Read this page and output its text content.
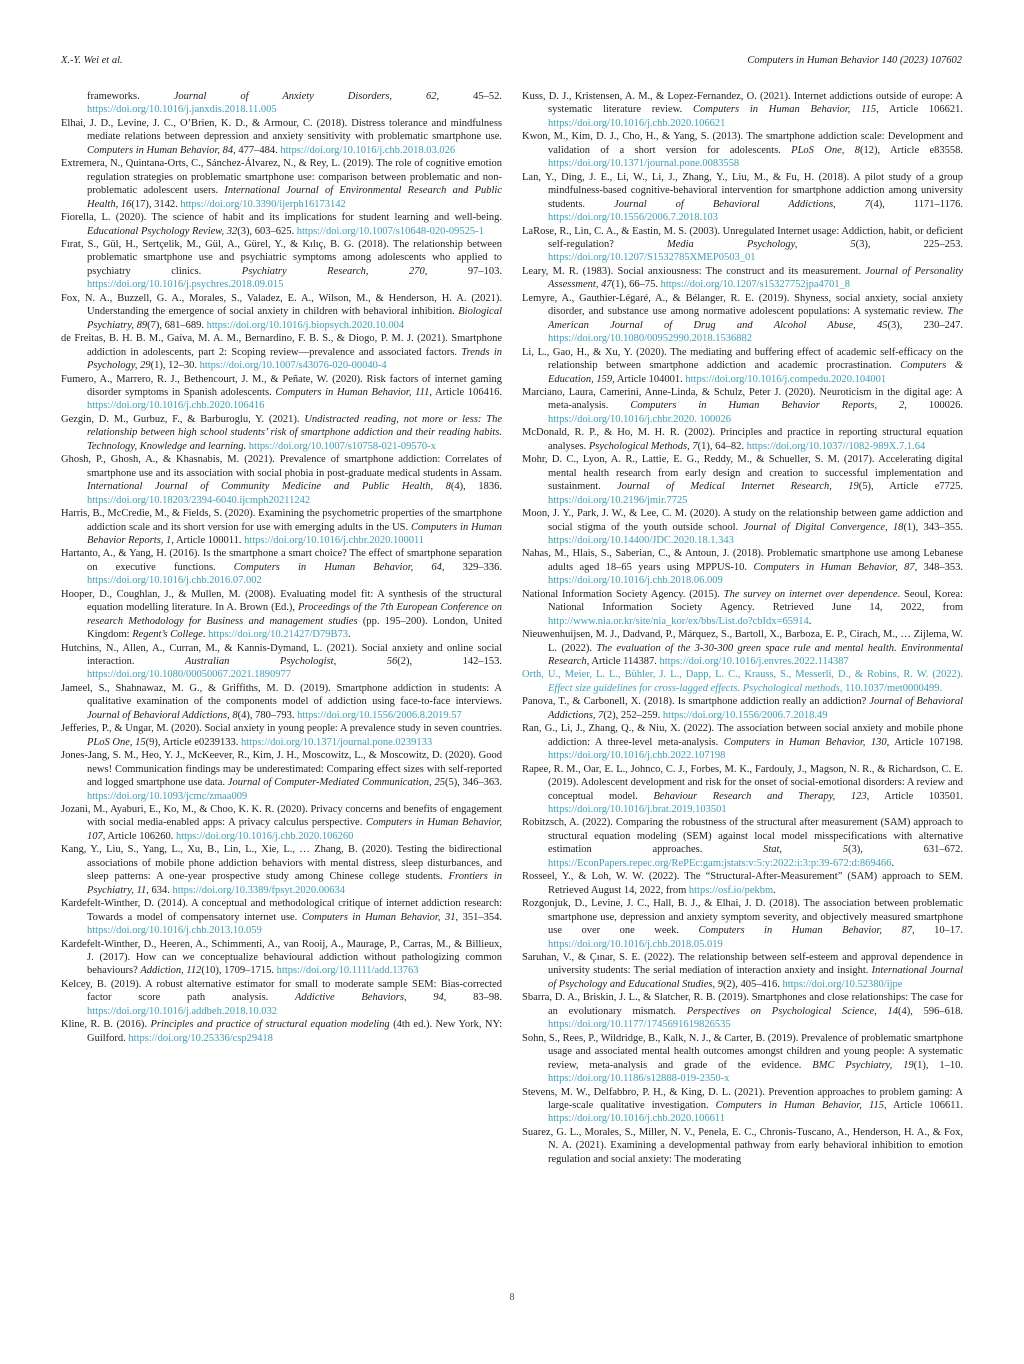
X.-Y. Wei et al.	Computers in Human Behavior 140 (2023) 107602
frameworks. Journal of Anxiety Disorders, 62, 45–52. https://doi.org/10.1016/j.janxdis.2018.11.005
Elhai, J. D., Levine, J. C., O’Brien, K. D., & Armour, C. (2018). Distress tolerance and mindfulness mediate relations between depression and anxiety sensitivity with problematic smartphone use. Computers in Human Behavior, 84, 477–484. https://doi.org/10.1016/j.chb.2018.03.026
Extremera, N., Quintana-Orts, C., Sánchez-Álvarez, N., & Rey, L. (2019). The role of cognitive emotion regulation strategies on problematic smartphone use: comparison between problematic and non-problematic adolescent users. International Journal of Environmental Research and Public Health, 16(17), 3142. https://doi.org/10.3390/ijerph16173142
Fiorella, L. (2020). The science of habit and its implications for student learning and well-being. Educational Psychology Review, 32(3), 603–625. https://doi.org/10.1007/s10648-020-09525-1
Fırat, S., Gül, H., Sertçelik, M., Gül, A., Gürel, Y., & Kılıç, B. G. (2018). The relationship between problematic smartphone use and psychiatric symptoms among adolescents who applied to psychiatry clinics. Psychiatry Research, 270, 97–103. https://doi.org/10.1016/j.psychres.2018.09.015
Fox, N. A., Buzzell, G. A., Morales, S., Valadez, E. A., Wilson, M., & Henderson, H. A. (2021). Understanding the emergence of social anxiety in children with behavioral inhibition. Biological Psychiatry, 89(7), 681–689. https://doi.org/10.1016/j.biopsych.2020.10.004
de Freitas, B. H. B. M., Gaíva, M. A. M., Bernardino, F. B. S., & Diogo, P. M. J. (2021). Smartphone addiction in adolescents, part 2: Scoping review—prevalence and associated factors. Trends in Psychology, 29(1), 12–30. https://doi.org/10.1007/s43076-020-00040-4
Fumero, A., Marrero, R. J., Bethencourt, J. M., & Peñate, W. (2020). Risk factors of internet gaming disorder symptoms in Spanish adolescents. Computers in Human Behavior, 111, Article 106416. https://doi.org/10.1016/j.chb.2020.106416
Gezgin, D. M., Gurbuz, F., & Barburoglu, Y. (2021). Undistracted reading, not more or less: The relationship between high school students’ risk of smartphone addiction and their reading habits. Technology, Knowledge and learning. https://doi.org/10.1007/s10758-021-09570-x
Ghosh, P., Ghosh, A., & Khasnabis, M. (2021). Prevalence of smartphone addiction: Correlates of smartphone use and its association with social phobia in post-graduate medical students in Assam. International Journal of Community Medicine and Public Health, 8(4), 1836. https://doi.org/10.18203/2394-6040.ijcmph20211242
Harris, B., McCredie, M., & Fields, S. (2020). Examining the psychometric properties of the smartphone addiction scale and its short version for use with emerging adults in the US. Computers in Human Behavior Reports, 1, Article 100011. https://doi.org/10.1016/j.chbr.2020.100011
Hartanto, A., & Yang, H. (2016). Is the smartphone a smart choice? The effect of smartphone separation on executive functions. Computers in Human Behavior, 64, 329–336. https://doi.org/10.1016/j.chb.2016.07.002
Hooper, D., Coughlan, J., & Mullen, M. (2008). Evaluating model fit: A synthesis of the structural equation modelling literature. In A. Brown (Ed.), Proceedings of the 7th European Conference on research Methodology for Business and management studies (pp. 195–200). London, United Kingdom: Regent’s College. https://doi.org/10.21427/D79B73.
Hutchins, N., Allen, A., Curran, M., & Kannis-Dymand, L. (2021). Social anxiety and online social interaction. Australian Psychologist, 56(2), 142–153. https://doi.org/10.1080/00050067.2021.1890977
Jameel, S., Shahnawaz, M. G., & Griffiths, M. D. (2019). Smartphone addiction in students: A qualitative examination of the components model of addiction using face-to-face interviews. Journal of Behavioral Addictions, 8(4), 780–793. https://doi.org/10.1556/2006.8.2019.57
Jefferies, P., & Ungar, M. (2020). Social anxiety in young people: A prevalence study in seven countries. PLoS One, 15(9), Article e0239133. https://doi.org/10.1371/journal.pone.0239133
Jones-Jang, S. M., Heo, Y. J., McKeever, R., Kim, J. H., Moscowitz, L., & Moscowitz, D. (2020). Good news! Communication findings may be underestimated: Comparing effect sizes with self-reported and logged smartphone use data. Journal of Computer-Mediated Communication, 25(5), 346–363. https://doi.org/10.1093/jcmc/zmaa009
Jozani, M., Ayaburi, E., Ko, M., & Choo, K. K. R. (2020). Privacy concerns and benefits of engagement with social media-enabled apps: A privacy calculus perspective. Computers in Human Behavior, 107, Article 106260. https://doi.org/10.1016/j.chb.2020.106260
Kang, Y., Liu, S., Yang, L., Xu, B., Lin, L., Xie, L., … Zhang, B. (2020). Testing the bidirectional associations of mobile phone addiction behaviors with mental distress, sleep disturbances, and sleep patterns: A one-year prospective study among Chinese college students. Frontiers in Psychiatry, 11, 634. https://doi.org/10.3389/fpsyt.2020.00634
Kardefelt-Winther, D. (2014). A conceptual and methodological critique of internet addiction research: Towards a model of compensatory internet use. Computers in Human Behavior, 31, 351–354. https://doi.org/10.1016/j.chb.2013.10.059
Kardefelt-Winther, D., Heeren, A., Schimmenti, A., van Rooij, A., Maurage, P., Carras, M., & Billieux, J. (2017). How can we conceptualize behavioural addiction without pathologizing common behaviours? Addiction, 112(10), 1709–1715. https://doi.org/10.1111/add.13763
Kelcey, B. (2019). A robust alternative estimator for small to moderate sample SEM: Bias-corrected factor score path analysis. Addictive Behaviors, 94, 83–98. https://doi.org/10.1016/j.addbeh.2018.10.032
Kline, R. B. (2016). Principles and practice of structural equation modeling (4th ed.). New York, NY: Guilford. https://doi.org/10.25336/csp29418
Kuss, D. J., Kristensen, A. M., & Lopez-Fernandez, O. (2021). Internet addictions outside of europe: A systematic literature review. Computers in Human Behavior, 115, Article 106621. https://doi.org/10.1016/j.chb.2020.106621
Kwon, M., Kim, D. J., Cho, H., & Yang, S. (2013). The smartphone addiction scale: Development and validation of a short version for adolescents. PLoS One, 8(12), Article e83558. https://doi.org/10.1371/journal.pone.0083558
Lan, Y., Ding, J. E., Li, W., Li, J., Zhang, Y., Liu, M., & Fu, H. (2018). A pilot study of a group mindfulness-based cognitive-behavioral intervention for smartphone addiction among university students. Journal of Behavioral Addictions, 7(4), 1171–1176. https://doi.org/10.1556/2006.7.2018.103
LaRose, R., Lin, C. A., & Eastin, M. S. (2003). Unregulated Internet usage: Addiction, habit, or deficient self-regulation? Media Psychology, 5(3), 225–253. https://doi.org/10.1207/S1532785XMEP0503_01
Leary, M. R. (1983). Social anxiousness: The construct and its measurement. Journal of Personality Assessment, 47(1), 66–75. https://doi.org/10.1207/s15327752jpa4701_8
Lemyre, A., Gauthier-Légaré, A., & Bélanger, R. E. (2019). Shyness, social anxiety, social anxiety disorder, and substance use among normative adolescent populations: A systematic review. The American Journal of Drug and Alcohol Abuse, 45(3), 230–247. https://doi.org/10.1080/00952990.2018.1536882
Li, L., Gao, H., & Xu, Y. (2020). The mediating and buffering effect of academic self-efficacy on the relationship between smartphone addiction and academic procrastination. Computers & Education, 159, Article 104001. https://doi.org/10.1016/j.compedu.2020.104001
Marciano, Laura, Camerini, Anne-Linda, & Schulz, Peter J. (2020). Neuroticism in the digital age: A meta-analysis. Computers in Human Behavior Reports, 2, 100026. https://doi.org/10.1016/j.chbr.2020. 100026
McDonald, R. P., & Ho, M. H. R. (2002). Principles and practice in reporting structural equation analyses. Psychological Methods, 7(1), 64–82. https://doi.org/10.1037//1082-989X.7.1.64
Mohr, D. C., Lyon, A. R., Lattie, E. G., Reddy, M., & Schueller, S. M. (2017). Accelerating digital mental health research from early design and creation to successful implementation and sustainment. Journal of Medical Internet Research, 19(5), Article e7725. https://doi.org/10.2196/jmir.7725
Moon, J. Y., Park, J. W., & Lee, C. M. (2020). A study on the relationship between game addiction and social stigma of the youth outside school. Journal of Digital Convergence, 18(1), 343–355. https://doi.org/10.14400/JDC.2020.18.1.343
Nahas, M., Hlais, S., Saberian, C., & Antoun, J. (2018). Problematic smartphone use among Lebanese adults aged 18–65 years using MPPUS-10. Computers in Human Behavior, 87, 348–353. https://doi.org/10.1016/j.chb.2018.06.009
National Information Society Agency. (2015). The survey on internet over dependence. Seoul, Korea: National Information Society Agency. Retrieved June 14, 2022, from http://www.nia.or.kr/site/nia_kor/ex/bbs/List.do?cbIdx=65914.
Nieuwenhuijsen, M. J., Dadvand, P., Márquez, S., Bartoll, X., Barboza, E. P., Cirach, M., … Zijlema, W. L. (2022). The evaluation of the 3-30-300 green space rule and mental health. Environmental Research, Article 114387. https://doi.org/10.1016/j.envres.2022.114387
Orth, U., Meier, L. L., Bühler, J. L., Dapp, L. C., Krauss, S., Messerli, D., & Robins, R. W. (2022). Effect size guidelines for cross-lagged effects. Psychological methods, 110.1037/met0000499.
Panova, T., & Carbonell, X. (2018). Is smartphone addiction really an addiction? Journal of Behavioral Addictions, 7(2), 252–259. https://doi.org/10.1556/2006.7.2018.49
Ran, G., Li, J., Zhang, Q., & Niu, X. (2022). The association between social anxiety and mobile phone addiction: A three-level meta-analysis. Computers in Human Behavior, 130, Article 107198. https://doi.org/10.1016/j.chb.2022.107198
Rapee, R. M., Oar, E. L., Johnco, C. J., Forbes, M. K., Fardouly, J., Magson, N. R., & Richardson, C. E. (2019). Adolescent development and risk for the onset of social-emotional disorders: A review and conceptual model. Behaviour Research and Therapy, 123, Article 103501. https://doi.org/10.1016/j.brat.2019.103501
Robitzsch, A. (2022). Comparing the robustness of the structural after measurement (SAM) approach to structural equation modeling (SEM) against local model misspecifications with alternative estimation approaches. Stat, 5(3), 631–672. https://EconPapers.repec.org/RePEc:gam:jstats:v:5:y:2022:i:3:p:39-672:d:869466.
Rosseel, Y., & Loh, W. W. (2022). The “Structural-After-Measurement” (SAM) approach to SEM. Retrieved August 14, 2022, from https://osf.io/pekbm.
Rozgonjuk, D., Levine, J. C., Hall, B. J., & Elhai, J. D. (2018). The association between problematic smartphone use, depression and anxiety symptom severity, and objectively measured smartphone use over one week. Computers in Human Behavior, 87, 10–17. https://doi.org/10.1016/j.chb.2018.05.019
Saruhan, V., & Çınar, S. E. (2022). The relationship between self-esteem and approval dependence in university students: The serial mediation of interaction anxiety and insight. International Journal of Psychology and Educational Studies, 9(2), 405–416. https://doi.org/10.52380/ijpe
Sbarra, D. A., Briskin, J. L., & Slatcher, R. B. (2019). Smartphones and close relationships: The case for an evolutionary mismatch. Perspectives on Psychological Science, 14(4), 596–618. https://doi.org/10.1177/1745691619826535
Sohn, S., Rees, P., Wildridge, B., Kalk, N. J., & Carter, B. (2019). Prevalence of problematic smartphone usage and associated mental health outcomes amongst children and young people: A systematic review, meta-analysis and grade of the evidence. BMC Psychiatry, 19(1), 1–10. https://doi.org/10.1186/s12888-019-2350-x
Stevens, M. W., Delfabbro, P. H., & King, D. L. (2021). Prevention approaches to problem gaming: A large-scale qualitative investigation. Computers in Human Behavior, 115, Article 106611. https://doi.org/10.1016/j.chb.2020.106611
Suarez, G. L., Morales, S., Miller, N. V., Penela, E. C., Chronis-Tuscano, A., Henderson, H. A., & Fox, N. A. (2021). Examining a developmental pathway from early behavioral inhibition to emotion regulation and social anxiety: The moderating
8
